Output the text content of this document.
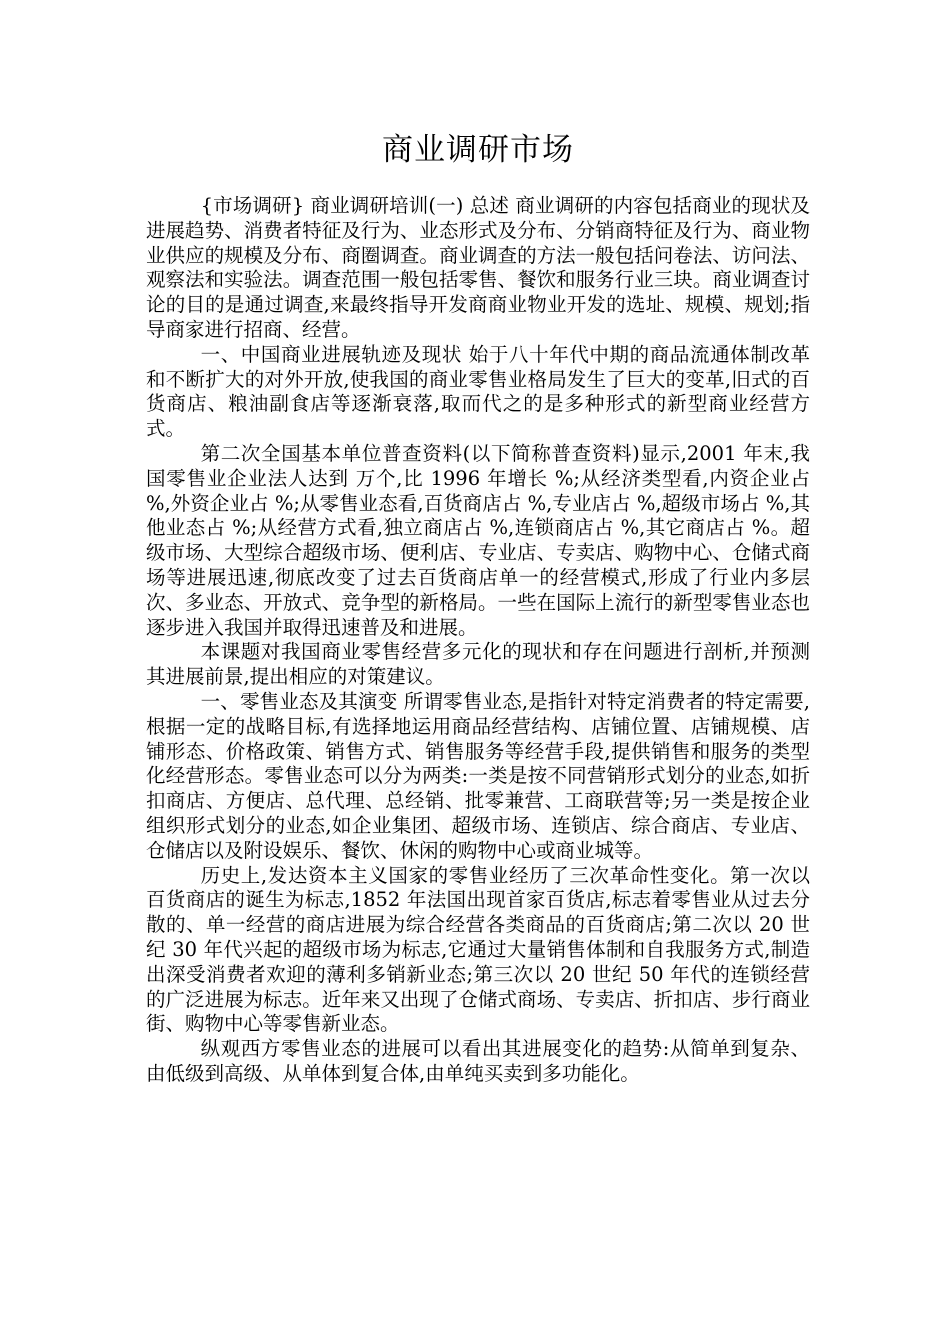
商业调研市场

{市场调研} 商业调研培训(一) 总述 商业调研的内容包括商业的现状及进展趋势、消费者特征及行为、业态形式及分布、分销商特征及行为、商业物业供应的规模及分布、商圈调查。商业调查的方法一般包括问卷法、访问法、观察法和实验法。调查范围一般包括零售、餐饮和服务行业三块。商业调查讨论的目的是通过调查,来最终指导开发商商业物业开发的选址、规模、规划;指导商家进行招商、经营。

一、中国商业进展轨迹及现状 始于八十年代中期的商品流通体制改革和不断扩大的对外开放,使我国的商业零售业格局发生了巨大的变革,旧式的百货商店、粮油副食店等逐渐衰落,取而代之的是多种形式的新型商业经营方式。

第二次全国基本单位普查资料(以下简称普查资料)显示,2001 年末,我国零售业企业法人达到 万个,比 1996 年增长 %;从经济类型看,内资企业占 %,外资企业占 %;从零售业态看,百货商店占 %,专业店占 %,超级市场占 %,其他业态占 %;从经营方式看,独立商店占 %,连锁商店占 %,其它商店占 %。超级市场、大型综合超级市场、便利店、专业店、专卖店、购物中心、仓储式商场等进展迅速,彻底改变了过去百货商店单一的经营模式,形成了行业内多层次、多业态、开放式、竞争型的新格局。一些在国际上流行的新型零售业态也逐步进入我国并取得迅速普及和进展。

本课题对我国商业零售经营多元化的现状和存在问题进行剖析,并预测其进展前景,提出相应的对策建议。

一、零售业态及其演变 所谓零售业态,是指针对特定消费者的特定需要,根据一定的战略目标,有选择地运用商品经营结构、店铺位置、店铺规模、店铺形态、价格政策、销售方式、销售服务等经营手段,提供销售和服务的类型化经营形态。零售业态可以分为两类:一类是按不同营销形式划分的业态,如折扣商店、方便店、总代理、总经销、批零兼营、工商联营等;另一类是按企业组织形式划分的业态,如企业集团、超级市场、连锁店、综合商店、专业店、仓储店以及附设娱乐、餐饮、休闲的购物中心或商业城等。

历史上,发达资本主义国家的零售业经历了三次革命性变化。第一次以百货商店的诞生为标志,1852 年法国出现首家百货店,标志着零售业从过去分散的、单一经营的商店进展为综合经营各类商品的百货商店;第二次以 20 世纪 30 年代兴起的超级市场为标志,它通过大量销售体制和自我服务方式,制造出深受消费者欢迎的薄利多销新业态;第三次以 20 世纪 50 年代的连锁经营的广泛进展为标志。近年来又出现了仓储式商场、专卖店、折扣店、步行商业街、购物中心等零售新业态。

纵观西方零售业态的进展可以看出其进展变化的趋势:从简单到复杂、由低级到高级、从单体到复合体,由单纯买卖到多功能化。
